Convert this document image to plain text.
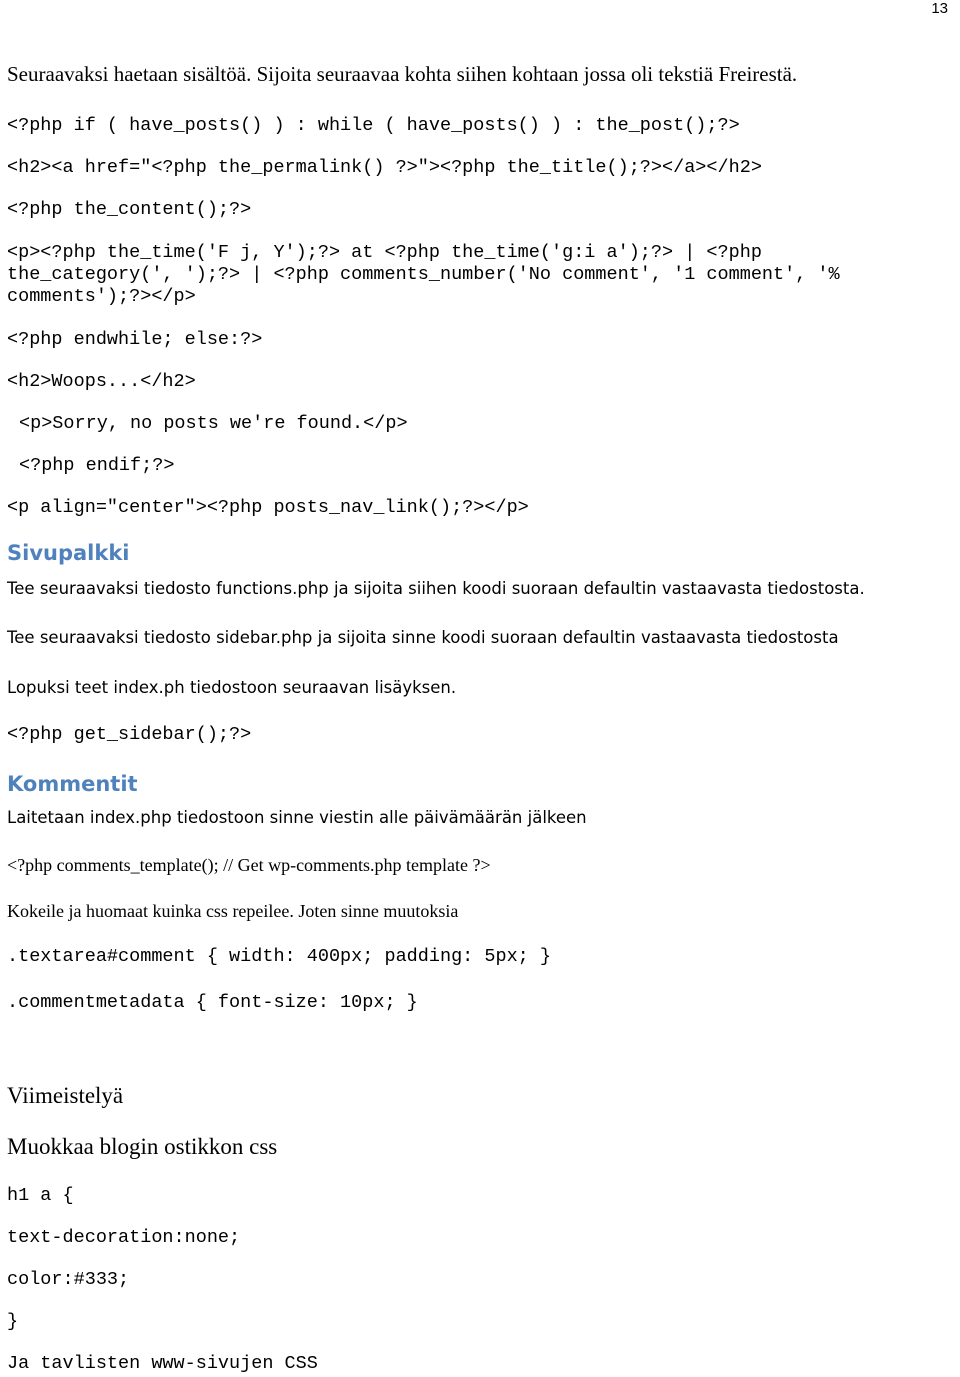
13

Seuraavaksi haetaan sisältöä. Sijoita seuraavaa kohta siihen kohtaan jossa oli tekstiä Freirestä.

<?php if ( have_posts() ) : while ( have_posts() ) : the_post();?>

<h2><a href="<?php the_permalink() ?>"><?php the_title();?></a></h2>

<?php the_content();?>

<p><?php the_time('F j, Y');?> at <?php the_time('g:i a');?> | <?php

the_category(', ');?> | <?php comments_number('No comment', '1 comment', '%

comments');?></p>

<?php endwhile; else:?>

<h2>Woops...</h2>

<p>Sorry, no posts we're found.</p>

<?php endif;?>

<p align="center"><?php posts_nav_link();?></p>

Sivupalkki

Tee seuraavaksi tiedosto functions.php ja sijoita siihen koodi suoraan defaultin vastaavasta tiedostosta.

Tee seuraavaksi tiedosto sidebar.php ja sijoita sinne koodi suoraan defaultin vastaavasta tiedostosta

Lopuksi teet index.ph tiedostoon seuraavan lisäyksen.

<?php get_sidebar();?>

Kommentit

Laitetaan index.php tiedostoon sinne viestin alle päivämäärän jälkeen

<?php comments_template(); // Get wp-comments.php template ?>

Kokeile ja huomaat kuinka css repeilee. Joten sinne muutoksia

.textarea#comment { width: 400px; padding: 5px; }

.commentmetadata { font-size: 10px; }

Viimeistelyä
Muokkaa blogin ostikkon css

h1 a {

text-decoration:none;

color:#333;

}

Ja tavlisten www-sivujen CSS
